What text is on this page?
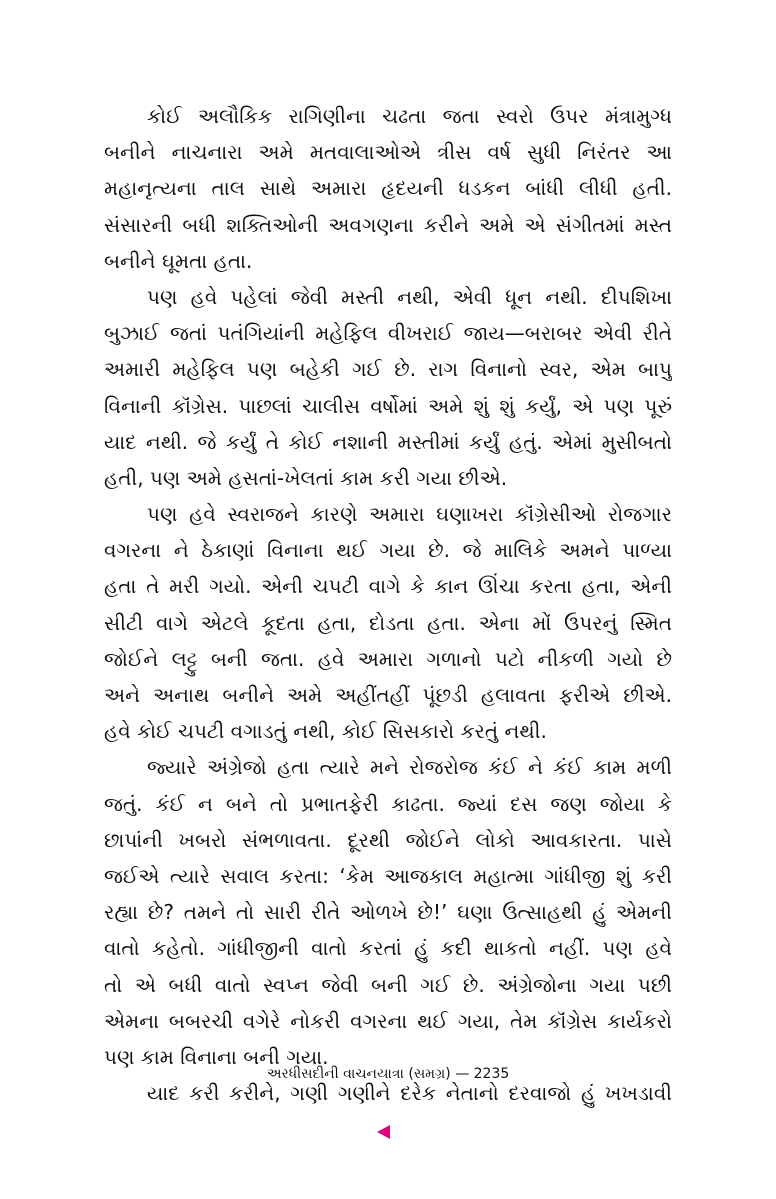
કોઈ અલૌકિક રાગિણીના ચઢતા જતા સ્વરો ઉપર મંત્રામુગ્ધ
બનીને નાચનારા અમે મતવાલાઓએ ત્રીસ વર્ષ સુધી નિરંતર આ
મહાનૃત્યના તાલ સાથે અમારા હૃદયની ધડકન બાંધી લીધી હતી.
સંસારની બધી શક્તિઓની અવગણના કરીને અમે એ સંગીતમાં મસ્ત
બનીને ઘૂમતા હતા.
પણ હવે પહેલાં જેવી મસ્તી નથી, એવી ધૂન નથી. દીપશિખા
બુઝાઈ જતાં પતંગિયાંની મહેફિલ વીખરાઈ જાય—બરાબર એવી રીતે
અમારી મહેફિલ પણ બહેકી ગઈ છે. રાગ વિનાનો સ્વર, એમ બાપુ
વિનાની કૉંગ્રેસ. પાછલાં ચાલીસ વર્ષોમાં અમે શું શું કર્યું, એ પણ પૂરું
યાદ નથી. જે કર્યું તે કોઈ નશાની મસ્તીમાં કર્યું હતું. એમાં મુસીબતો
હતી, પણ અમે હસતાં-ખેલતાં કામ કરી ગયા છીએ.
પણ હવે સ્વરાજને કારણે અમારા ઘણાખરા કૉંગ્રેસીઓ રોજગાર
વગરના ને ઠેકાણાં વિનાના થઈ ગયા છે. જે માલિકે અમને પાળ્યા
હતા તે મરી ગયો. એની ચપટી વાગે કે કાન ઊંચા કરતા હતા, એની
સીટી વાગે એટલે કૂદતા હતા, દોડતા હતા. એના મોં ઉપરનું સ્મિત
જોઈને લટ્ટુ બની જતા. હવે અમારા ગળાનો પટો નીકળી ગયો છે
અને અનાથ બનીને અમે અહીંતહીં પૂંછડી હલાવતા ફરીએ છીએ.
હવે કોઈ ચપટી વગાડતું નથી, કોઈ સિસકારો કરતું નથી.
જ્યારે અંગ્રેજો હતા ત્યારે મને રોજરોજ કંઈ ને કંઈ કામ મળી
જતું. કંઈ ન બને તો પ્રભાતફેરી કાઢતા. જ્યાં દસ જણ જોયા કે
છાપાંની ખબરો સંભળાવતા. દૂરથી જોઈને લોકો આવકારતા. પાસે
જઈએ ત્યારે સવાલ કરતા: ‘કેમ આજકાલ મહાત્મા ગાંધીજી શું કરી
રહ્યા છે? તમને તો સારી રીતે ઓળખે છે!’ ઘણા ઉત્સાહથી હું એમની
વાતો કહેતો. ગાંધીજીની વાતો કરતાં હું કદી થાકતો નહીં. પણ હવે
તો એ બધી વાતો સ્વપ્ન જેવી બની ગઈ છે. અંગ્રેજોના ગયા પછી
એમના બબરચી વગેરે નોકરી વગરના થઈ ગયા, તેમ કૉંગ્રેસ કાર્યકરો
પણ કામ વિનાના બની ગયા.
યાદ કરી કરીને, ગણી ગણીને દરેક નેતાનો દરવાજો હું ખખડાવી
અરધીસદીની વાચનયાત્રા (સમગ્ર) — 2235
